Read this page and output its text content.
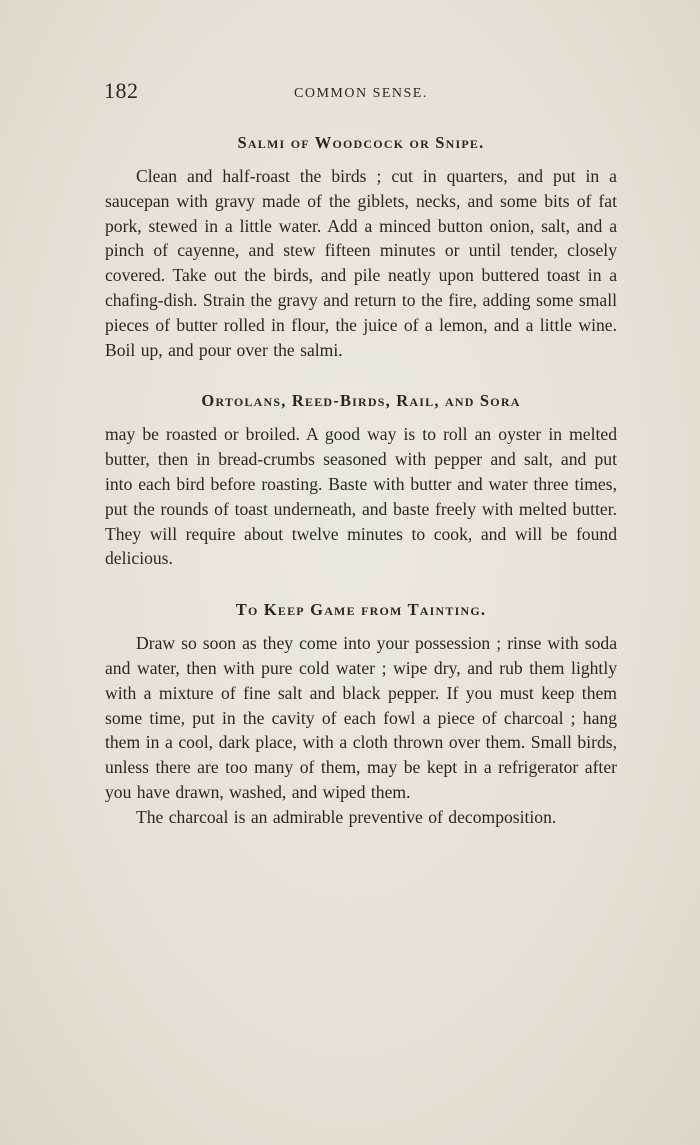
182	COMMON SENSE.
Salmi of Woodcock or Snipe.

Clean and half-roast the birds ; cut in quarters, and put in a saucepan with gravy made of the giblets, necks, and some bits of fat pork, stewed in a little water. Add a minced button onion, salt, and a pinch of cayenne, and stew fifteen minutes or until tender, closely covered. Take out the birds, and pile neatly upon buttered toast in a chafing-dish. Strain the gravy and return to the fire, adding some small pieces of butter rolled in flour, the juice of a lemon, and a little wine. Boil up, and pour over the salmi.

Ortolans, Reed-Birds, Rail, and Sora

may be roasted or broiled. A good way is to roll an oyster in melted butter, then in bread-crumbs seasoned with pepper and salt, and put into each bird before roasting. Baste with butter and water three times, put the rounds of toast underneath, and baste freely with melted butter. They will require about twelve minutes to cook, and will be found delicious.

To Keep Game from Tainting.

Draw so soon as they come into your possession ; rinse with soda and water, then with pure cold water ; wipe dry, and rub them lightly with a mixture of fine salt and black pepper. If you must keep them some time, put in the cavity of each fowl a piece of charcoal ; hang them in a cool, dark place, with a cloth thrown over them. Small birds, unless there are too many of them, may be kept in a refrigerator after you have drawn, washed, and wiped them.

The charcoal is an admirable preventive of decomposition.
